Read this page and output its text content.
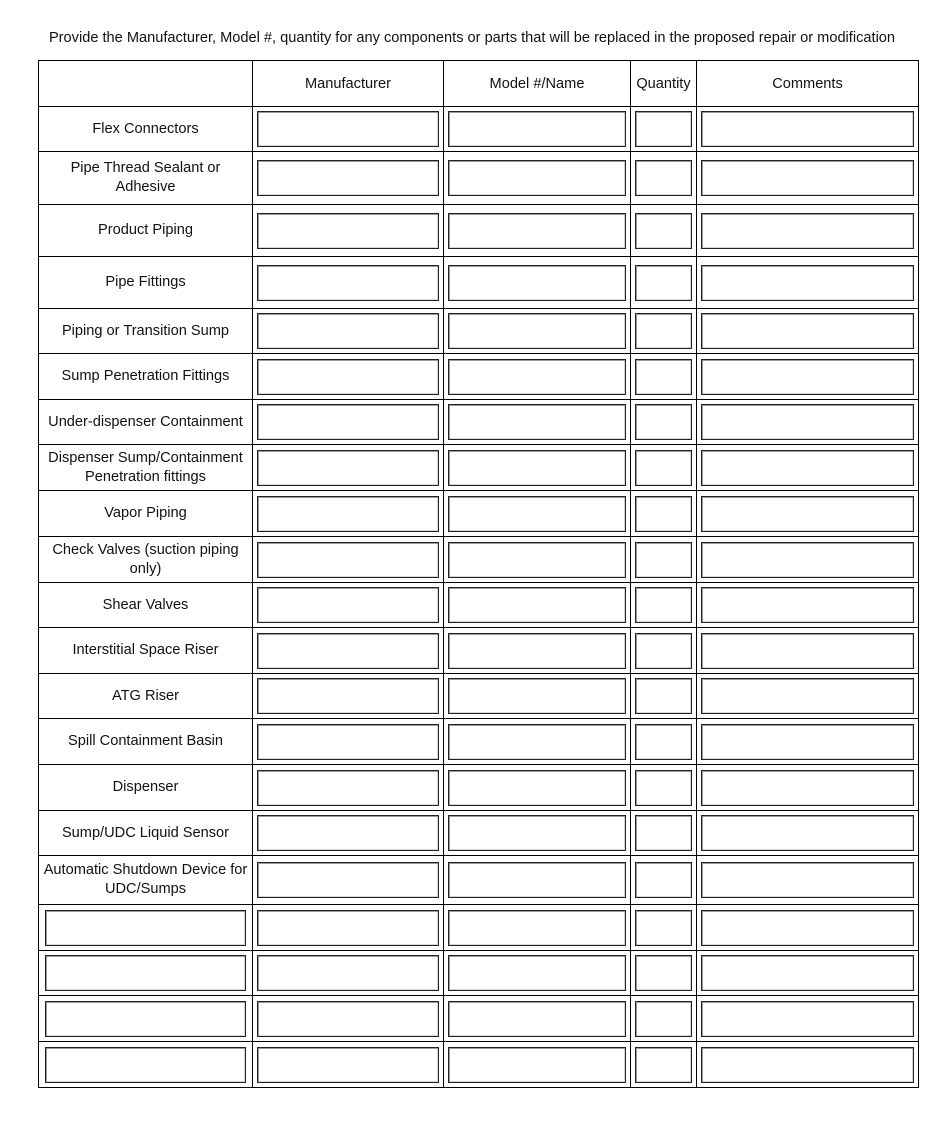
Provide the Manufacturer, Model #, quantity for any components or parts that will be replaced in the proposed repair or modification
	Manufacturer	Model #/Name	Quantity	Comments
Flex Connectors	

Pipe Thread Sealant or Adhesive	

Product Piping	

Pipe Fittings	

Piping or Transition Sump	

Sump Penetration Fittings	

Under-dispenser Containment	

Dispenser Sump/Containment Penetration fittings	

Vapor Piping	

Check Valves (suction piping only)	

Shear Valves	

Interstitial Space Riser	

ATG Riser	

Spill Containment Basin	

Dispenser	

Sump/UDC Liquid Sensor	

Automatic Shutdown Device for UDC/Sumps	
